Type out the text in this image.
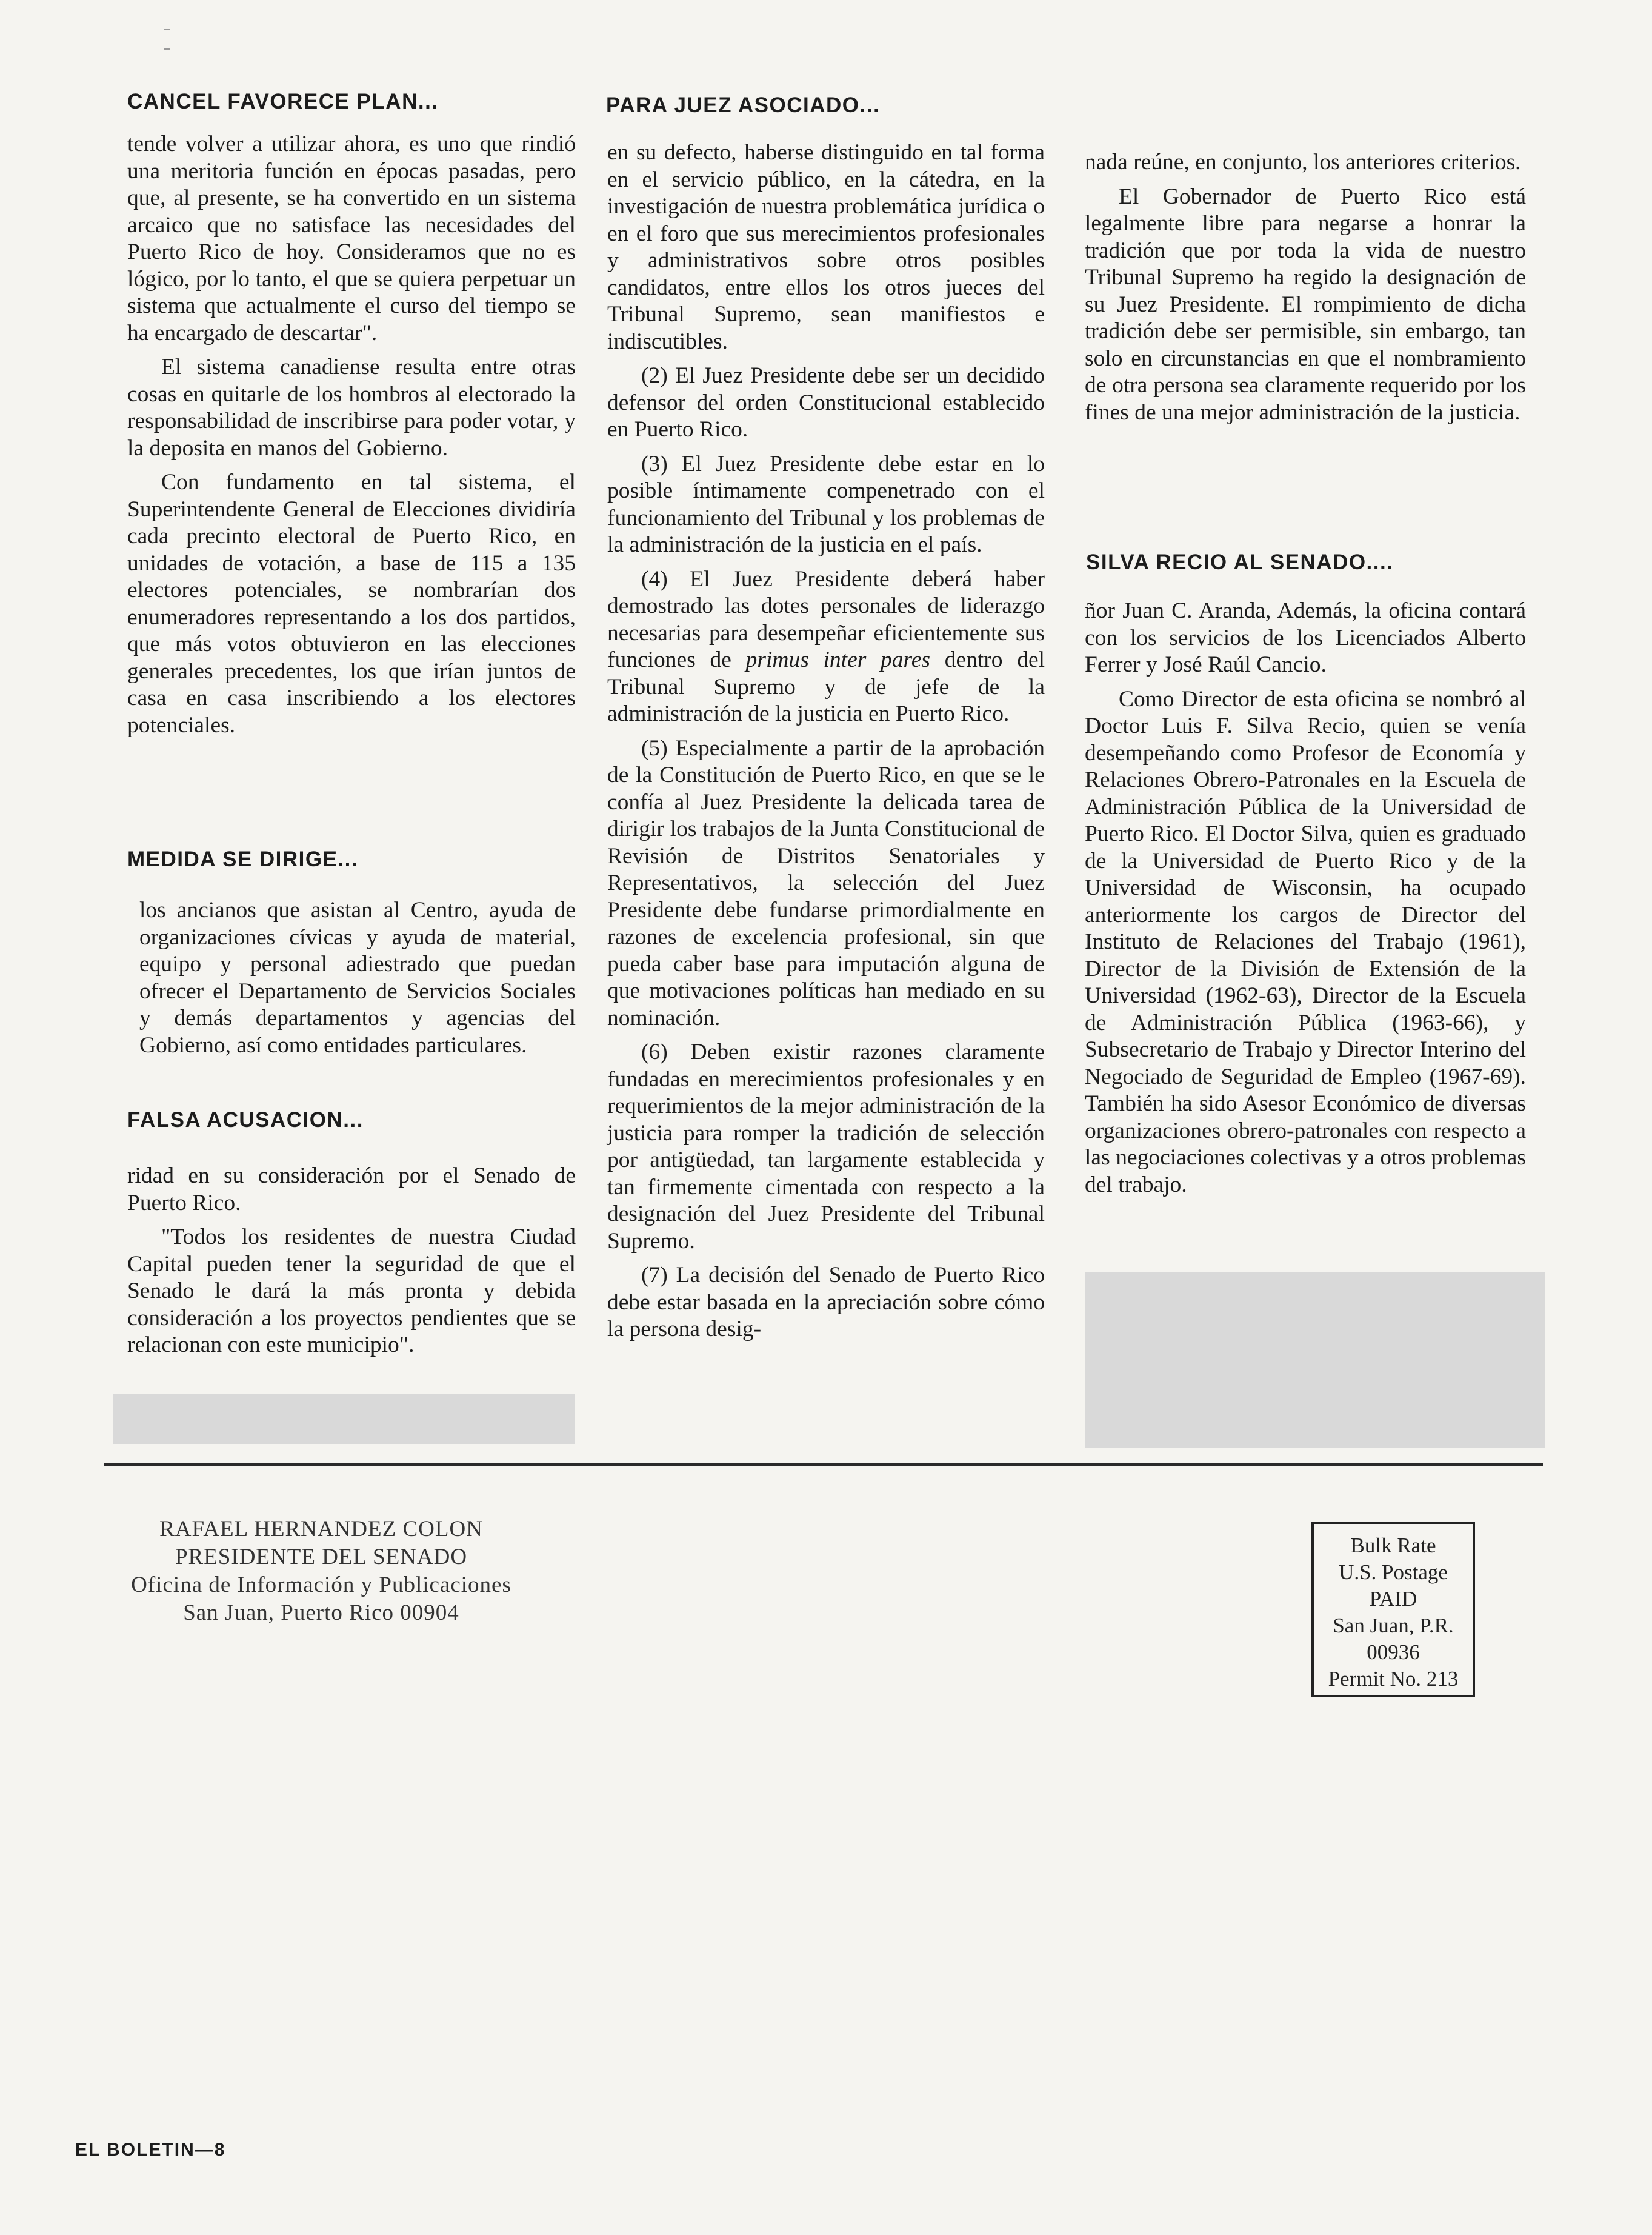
CANCEL FAVORECE PLAN...

tende volver a utilizar ahora, es uno que rindió una meritoria función en épocas pasadas, pero que, al presente, se ha convertido en un sistema arcaico que no satisface las necesidades del Puerto Rico de hoy. Consideramos que no es lógico, por lo tanto, el que se quiera perpetuar un sistema que actualmente el curso del tiempo se ha encargado de descartar".

El sistema canadiense resulta entre otras cosas en quitarle de los hombros al electorado la responsabilidad de inscribirse para poder votar, y la deposita en manos del Gobierno.

Con fundamento en tal sistema, el Superintendente General de Elecciones dividiría cada precinto electoral de Puerto Rico, en unidades de votación, a base de 115 a 135 electores potenciales, se nombrarían dos enumeradores representando a los dos partidos, que más votos obtuvieron en las elecciones generales precedentes, los que irían juntos de casa en casa inscribiendo a los electores potenciales.

MEDIDA SE DIRIGE...

los ancianos que asistan al Centro, ayuda de organizaciones cívicas y ayuda de material, equipo y personal adiestrado que puedan ofrecer el Departamento de Servicios Sociales y demás departamentos y agencias del Gobierno, así como entidades particulares.

FALSA ACUSACION...

ridad en su consideración por el Senado de Puerto Rico.

"Todos los residentes de nuestra Ciudad Capital pueden tener la seguridad de que el Senado le dará la más pronta y debida consideración a los proyectos pendientes que se relacionan con este municipio".

PARA JUEZ ASOCIADO...

en su defecto, haberse distinguido en tal forma en el servicio público, en la cátedra, en la investigación de nuestra problemática jurídica o en el foro que sus merecimientos profesionales y administrativos sobre otros posibles candidatos, entre ellos los otros jueces del Tribunal Supremo, sean manifiestos e indiscutibles.

(2) El Juez Presidente debe ser un decidido defensor del orden Constitucional establecido en Puerto Rico.

(3) El Juez Presidente debe estar en lo posible íntimamente compenetrado con el funcionamiento del Tribunal y los problemas de la administración de la justicia en el país.

(4) El Juez Presidente deberá haber demostrado las dotes personales de liderazgo necesarias para desempeñar eficientemente sus funciones de primus inter pares dentro del Tribunal Supremo y de jefe de la administración de la justicia en Puerto Rico.

(5) Especialmente a partir de la aprobación de la Constitución de Puerto Rico, en que se le confía al Juez Presidente la delicada tarea de dirigir los trabajos de la Junta Constitucional de Revisión de Distritos Senatoriales y Representativos, la selección del Juez Presidente debe fundarse primordialmente en razones de excelencia profesional, sin que pueda caber base para imputación alguna de que motivaciones políticas han mediado en su nominación.

(6) Deben existir razones claramente fundadas en merecimientos profesionales y en requerimientos de la mejor administración de la justicia para romper la tradición de selección por antigüedad, tan largamente establecida y tan firmemente cimentada con respecto a la designación del Juez Presidente del Tribunal Supremo.

(7) La decisión del Senado de Puerto Rico debe estar basada en la apreciación sobre cómo la persona desig-

nada reúne, en conjunto, los anteriores criterios.

El Gobernador de Puerto Rico está legalmente libre para negarse a honrar la tradición que por toda la vida de nuestro Tribunal Supremo ha regido la designación de su Juez Presidente. El rompimiento de dicha tradición debe ser permisible, sin embargo, tan solo en circunstancias en que el nombramiento de otra persona sea claramente requerido por los fines de una mejor administración de la justicia.

SILVA RECIO AL SENADO....

ñor Juan C. Aranda, Además, la oficina contará con los servicios de los Licenciados Alberto Ferrer y José Raúl Cancio.

Como Director de esta oficina se nombró al Doctor Luis F. Silva Recio, quien se venía desempeñando como Profesor de Economía y Relaciones Obrero-Patronales en la Escuela de Administración Pública de la Universidad de Puerto Rico. El Doctor Silva, quien es graduado de la Universidad de Puerto Rico y de la Universidad de Wisconsin, ha ocupado anteriormente los cargos de Director del Instituto de Relaciones del Trabajo (1961), Director de la División de Extensión de la Universidad (1962-63), Director de la Escuela de Administración Pública (1963-66), y Subsecretario de Trabajo y Director Interino del Negociado de Seguridad de Empleo (1967-69). También ha sido Asesor Económico de diversas organizaciones obrero-patronales con respecto a las negociaciones colectivas y a otros problemas del trabajo.

RAFAEL HERNANDEZ COLON
PRESIDENTE DEL SENADO
Oficina de Información y Publicaciones
San Juan, Puerto Rico 00904
Bulk Rate
U.S. Postage
PAID
San Juan, P.R.
00936
Permit No. 213
EL BOLETIN—8
